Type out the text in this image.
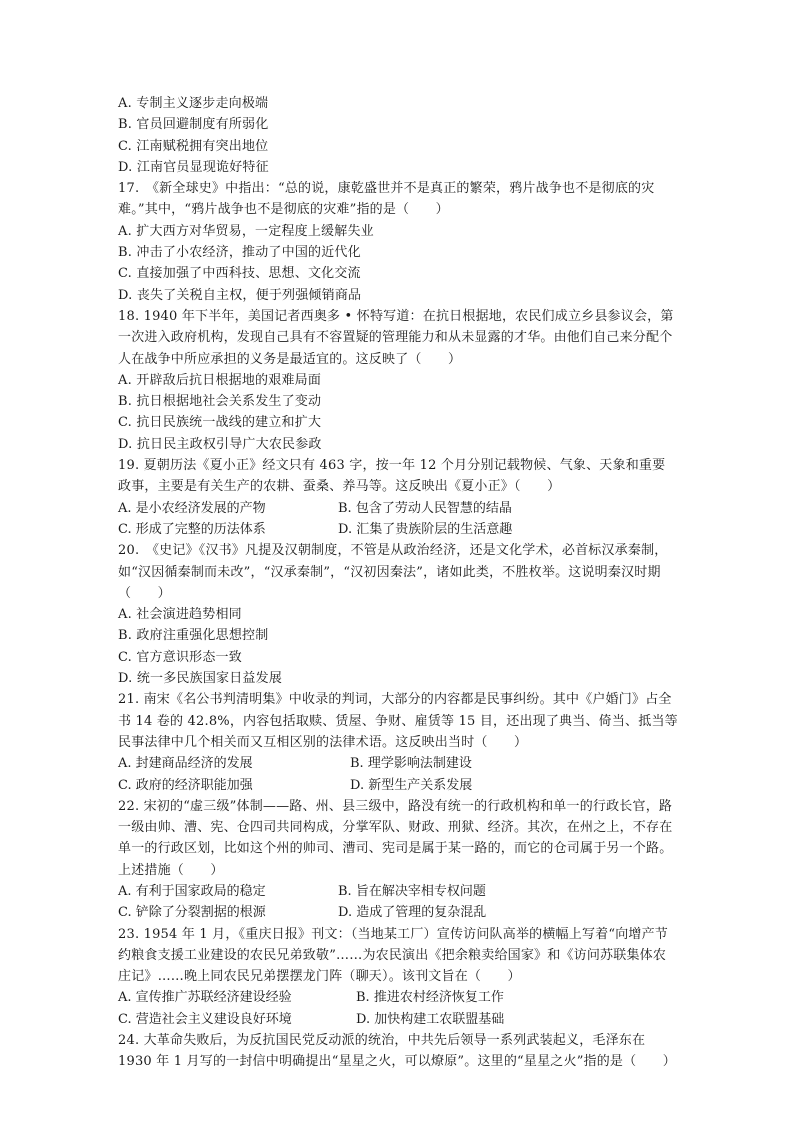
A. 专制主义逐步走向极端
B. 官员回避制度有所弱化
C. 江南赋税拥有突出地位
D. 江南官员显现诡好特征
17.　《新全球史》中指出：“总的说，康乾盛世并不是真正的繁荣，鸦片战争也不是彻底的灾难。”其中，“鸦片战争也不是彻底的灾难”指的是（　　）
A. 扩大西方对华贸易，一定程度上缓解失业
B. 冲击了小农经济，推动了中国的近代化
C. 直接加强了中西科技、思想、文化交流
D. 丧失了关税自主权，便于列强倾销商品
18. 1940 年下半年，美国记者西奥多 • 怀特写道：在抗日根据地，农民们成立乡县参议会，第一次进入政府机构，发现自己具有不容置疑的管理能力和从未显露的才华。由他们自己来分配个人在战争中所应承担的义务是最适宜的。这反映了（　　）
A. 开辟敌后抗日根据地的艰难局面
B. 抗日根据地社会关系发生了变动
C. 抗日民族统一战线的建立和扩大
D. 抗日民主政权引导广大农民参政
19. 夏朝历法《夏小正》经文只有 463 字，按一年 12 个月分别记载物候、气象、天象和重要政事，主要是有关生产的农耕、蚕桑、养马等。这反映出《夏小正》（　　）
A. 是小农经济发展的产物	B. 包含了劳动人民智慧的结晶
C. 形成了完整的历法体系	D. 汇集了贵族阶层的生活意趣
20.　《史记》《汉书》凡提及汉朝制度，不管是从政治经济，还是文化学术，必首标汉承秦制，如“汉因循秦制而未改”，“汉承秦制”，“汉初因秦法”，诸如此类，不胜枚举。这说明秦汉时期（　　）
A. 社会演进趋势相同
B. 政府注重强化思想控制
C. 官方意识形态一致
D. 统一多民族国家日益发展
21. 南宋《名公书判清明集》中收录的判词，大部分的内容都是民事纠纷。其中《户婚门》占全书 14 卷的 42.8%，内容包括取赎、赁屋、争财、雇赁等 15 目，还出现了典当、倚当、抵当等民事法律中几个相关而又互相区别的法律术语。这反映出当时（　　）
A. 封建商品经济的发展	B. 理学影响法制建设
C. 政府的经济职能加强	D. 新型生产关系发展
22. 宋初的“虚三级”体制——路、州、县三级中，路没有统一的行政机构和单一的行政长官，路一级由帅、漕、宪、仓四司共同构成，分掌军队、财政、刑狱、经济。其次，在州之上，不存在单一的行政区划，比如这个州的帅司、漕司、宪司是属于某一路的，而它的仓司属于另一个路。上述措施（　　）
A. 有利于国家政局的稳定	B. 旨在解决宰相专权问题
C. 铲除了分裂割据的根源	D. 造成了管理的复杂混乱
23. 1954 年 1 月，《重庆日报》刊文：（当地某工厂）宣传访问队高举的横幅上写着“向增产节约粮食支援工业建设的农民兄弟致敬”……为农民演出《把余粮卖给国家》和《访问苏联集体农庄记》……晚上同农民兄弟摆摆龙门阵（聊天）。该刊文旨在（　　）
A. 宣传推广苏联经济建设经验	B. 推进农村经济恢复工作
C. 营造社会主义建设良好环境	D. 加快构建工农联盟基础
24. 大革命失败后，为反抗国民党反动派的统治，中共先后领导一系列武装起义，毛泽东在 1930 年 1 月写的一封信中明确提出“星星之火，可以燎原”。这里的“星星之火”指的是（　　）
